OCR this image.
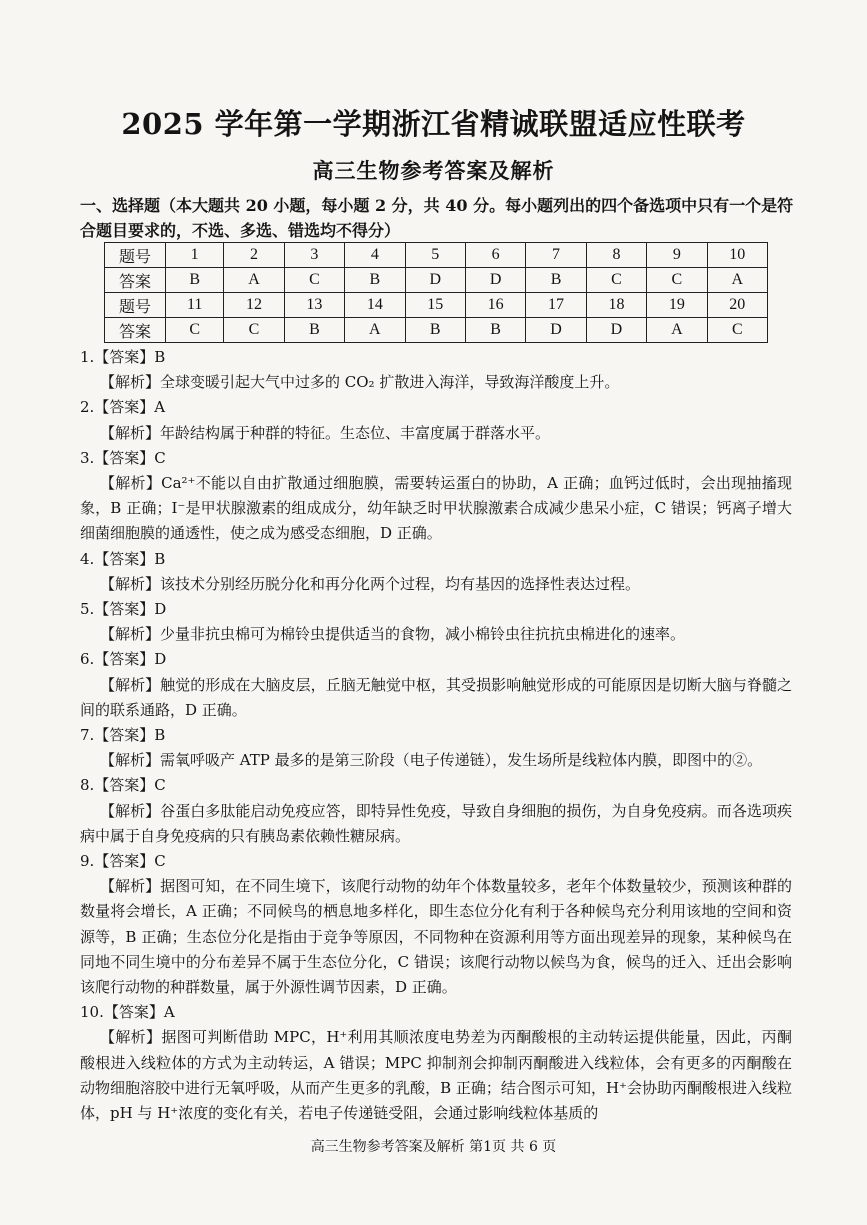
2025 学年第一学期浙江省精诚联盟适应性联考
高三生物参考答案及解析
一、选择题（本大题共 20 小题，每小题 2 分，共 40 分。每小题列出的四个备选项中只有一个是符合题目要求的，不选、多选、错选均不得分）
题号	1	2	3	4	5	6	7	8	9	10
答案	B	A	C	B	D	D	B	C	C	A
题号	11	12	13	14	15	16	17	18	19	20
答案	C	C	B	A	B	B	D	D	A	C
1.【答案】B
【解析】全球变暖引起大气中过多的 CO₂ 扩散进入海洋，导致海洋酸度上升。
2.【答案】A
【解析】年龄结构属于种群的特征。生态位、丰富度属于群落水平。
3.【答案】C
【解析】Ca²⁺不能以自由扩散通过细胞膜，需要转运蛋白的协助，A 正确；血钙过低时，会出现抽搐现象，B 正确；I⁻是甲状腺激素的组成成分，幼年缺乏时甲状腺激素合成减少患呆小症，C 错误；钙离子增大细菌细胞膜的通透性，使之成为感受态细胞，D 正确。
4.【答案】B
【解析】该技术分别经历脱分化和再分化两个过程，均有基因的选择性表达过程。
5.【答案】D
【解析】少量非抗虫棉可为棉铃虫提供适当的食物，减小棉铃虫往抗抗虫棉进化的速率。
6.【答案】D
【解析】触觉的形成在大脑皮层，丘脑无触觉中枢，其受损影响触觉形成的可能原因是切断大脑与脊髓之间的联系通路，D 正确。
7.【答案】B
【解析】需氧呼吸产 ATP 最多的是第三阶段（电子传递链），发生场所是线粒体内膜，即图中的②。
8.【答案】C
【解析】谷蛋白多肽能启动免疫应答，即特异性免疫，导致自身细胞的损伤，为自身免疫病。而各选项疾病中属于自身免疫病的只有胰岛素依赖性糖尿病。
9.【答案】C
【解析】据图可知，在不同生境下，该爬行动物的幼年个体数量较多，老年个体数量较少，预测该种群的数量将会增长，A 正确；不同候鸟的栖息地多样化，即生态位分化有利于各种候鸟充分利用该地的空间和资源等，B 正确；生态位分化是指由于竞争等原因，不同物种在资源利用等方面出现差异的现象，某种候鸟在同地不同生境中的分布差异不属于生态位分化，C 错误；该爬行动物以候鸟为食，候鸟的迁入、迁出会影响该爬行动物的种群数量，属于外源性调节因素，D 正确。
10.【答案】A
【解析】据图可判断借助 MPC，H⁺利用其顺浓度电势差为丙酮酸根的主动转运提供能量，因此，丙酮酸根进入线粒体的方式为主动转运，A 错误；MPC 抑制剂会抑制丙酮酸进入线粒体，会有更多的丙酮酸在动物细胞溶胶中进行无氧呼吸，从而产生更多的乳酸，B 正确；结合图示可知，H⁺会协助丙酮酸根进入线粒体，pH 与 H⁺浓度的变化有关，若电子传递链受阻，会通过影响线粒体基质的
高三生物参考答案及解析 第1页 共 6 页
